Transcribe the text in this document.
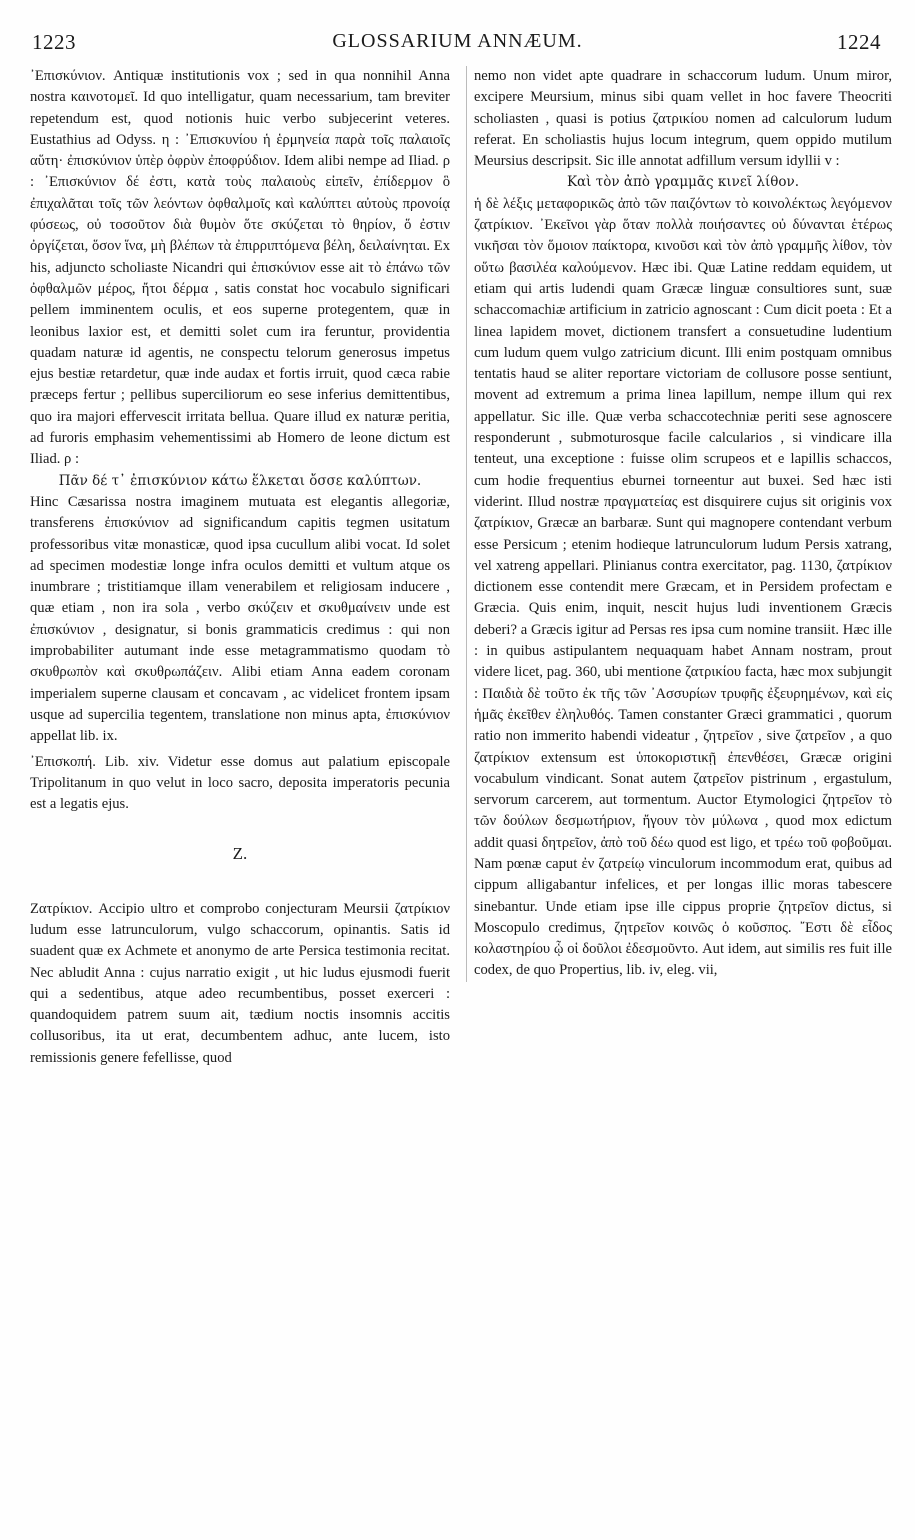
1223	GLOSSARIUM ANNÆUM.	1224

᾿Επισκύνιον. Antiquæ institutionis vox ; sed in qua nonnihil Anna nostra καινοτομεῖ. Id quo intelligatur, quam necessarium, tam breviter repetendum est, quod notionis huic verbo subjecerint veteres. Eustathius ad Odyss. η : ᾿Επισκυνίου ἡ ἑρμηνεία παρὰ τοῖς παλαιοῖς αὕτη· ἐπισκύνιον ὑπὲρ ὀφρὺν ἐποφρύδιον. Idem alibi nempe ad Iliad. ρ : ᾿Επισκύνιον δέ ἐστι, κατὰ τοὺς παλαιοὺς εἰπεῖν, ἐπίδερμον ὃ ἐπιχαλᾶται τοῖς τῶν λεόντων ὀφθαλμοῖς καὶ καλύπτει αὐτοὺς προνοίᾳ φύσεως, οὐ τοσοῦτον διὰ θυμὸν ὅτε σκύζεται τὸ θηρίον, ὅ ἐστιν ὀργίζεται, ὅσον ἵνα, μὴ βλέπων τὰ ἐπιρριπτόμενα βέλη, δειλαίνηται. Ex his, adjuncto scholiaste Nicandri qui ἐπισκύνιον esse ait τὸ ἐπάνω τῶν ὀφθαλμῶν μέρος, ἤτοι δέρμα , satis constat hoc vocabulo significari pellem imminentem oculis, et eos superne protegentem, quæ in leonibus laxior est, et demitti solet cum ira feruntur, providentia quadam naturæ id agentis, ne conspectu telorum generosus impetus ejus bestiæ retardetur, quæ inde audax et fortis irruit, quod cæca rabie præceps fertur ; pellibus superciliorum eo sese inferius demittentibus, quo ira majori effervescit irritata bellua. Quare illud ex naturæ peritia, ad furoris emphasim vehementissimi ab Homero de leone dictum est Iliad. ρ :

Πᾶν δέ τ᾿ ἐπισκύνιον κάτω ἕλκεται ὄσσε καλύπτων.

Hinc Cæsarissa nostra imaginem mutuata est elegantis allegoriæ, transferens ἐπισκύνιον ad significandum capitis tegmen usitatum professoribus vitæ monasticæ, quod ipsa cucullum alibi vocat. Id solet ad specimen modestiæ longe infra oculos demitti et vultum atque os inumbrare ; tristitiamque illam venerabilem et religiosam inducere , quæ etiam , non ira sola , verbo σκύζειν et σκυθμαίνειν unde est ἐπισκύνιον , designatur, si bonis grammaticis credimus : qui non improbabiliter autumant inde esse metagrammatismo quodam τὸ σκυθρωπὸν καὶ σκυθρωπάζειν. Alibi etiam Anna eadem coronam imperialem superne clausam et concavam , ac videlicet frontem ipsam usque ad supercilia tegentem, translatione non minus apta, ἐπισκύνιον appellat lib. ix.

᾿Επισκοπή. Lib. xiv. Videtur esse domus aut palatium episcopale Tripolitanum in quo velut in loco sacro, deposita imperatoris pecunia est a legatis ejus.

Ζ.

Ζατρίκιον. Accipio ultro et comprobo conjecturam Meursii ζατρίκιον ludum esse latrunculorum, vulgo schaccorum, opinantis. Satis id suadent quæ ex Achmete et anonymo de arte Persica testimonia recitat. Nec abludit Anna : cujus narratio exigit , ut hic ludus ejusmodi fuerit qui a sedentibus, atque adeo recumbentibus, posset exerceri : quandoquidem patrem suum ait, tædium noctis insomnis accitis collusoribus, ita ut erat, decumbentem adhuc, ante lucem, isto remissionis genere fefellisse, quod

nemo non videt apte quadrare in schaccorum ludum. Unum miror, excipere Meursium, minus sibi quam vellet in hoc favere Theocriti scholiasten , quasi is potius ζατρικίου nomen ad calculorum ludum referat. En scholiastis hujus locum integrum, quem oppido mutilum Meursius descripsit. Sic ille annotat adfillum versum idyllii v :

Καὶ τὸν ἀπὸ γραμμᾶς κινεῖ λίθον.

ἡ δὲ λέξις μεταφορικῶς ἀπὸ τῶν παιζόντων τὸ κοινολέκτως λεγόμενον ζατρίκιον. ᾿Εκεῖνοι γὰρ ὅταν πολλὰ ποιήσαντες οὐ δύνανται ἑτέρως νικῆσαι τὸν ὅμοιον παίκτορα, κινοῦσι καὶ τὸν ἀπὸ γραμμῆς λίθον, τὸν οὕτω βασιλέα καλούμενον. Hæc ibi. Quæ Latine reddam equidem, ut etiam qui artis ludendi quam Græcæ linguæ consultiores sunt, suæ schaccomachiæ artificium in zatricio agnoscant : Cum dicit poeta : Et a linea lapidem movet, dictionem transfert a consuetudine ludentium cum ludum quem vulgo zatricium dicunt. Illi enim postquam omnibus tentatis haud se aliter reportare victoriam de collusore posse sentiunt, movent ad extremum a prima linea lapillum, nempe illum qui rex appellatur. Sic ille. Quæ verba schaccotechniæ periti sese agnoscere responderunt , submoturosque facile calcularios , si vindicare illa tenteut, una exceptione : fuisse olim scrupeos et e lapillis schaccos, cum hodie frequentius eburnei torneentur aut buxei. Sed hæc isti viderint. Illud nostræ πραγματείας est disquirere cujus sit originis vox ζατρίκιον, Græcæ an barbaræ. Sunt qui magnopere contendant verbum esse Persicum ; etenim hodieque latrunculorum ludum Persis xatrang, vel xatreng appellari. Plinianus contra exercitator, pag. 1130, ζατρίκιον dictionem esse contendit mere Græcam, et in Persidem profectam e Græcia. Quis enim, inquit, nescit hujus ludi inventionem Græcis deberi? a Græcis igitur ad Persas res ipsa cum nomine transiit. Hæc ille : in quibus astipulantem nequaquam habet Annam nostram, prout videre licet, pag. 360, ubi mentione ζατρικίου facta, hæc mox subjungit : Παιδιὰ δὲ τοῦτο ἐκ τῆς τῶν ᾿Ασσυρίων τρυφῆς ἐξευρημένων, καὶ εἰς ἡμᾶς ἐκεῖθεν ἐληλυθός. Tamen constanter Græci grammatici , quorum ratio non immerito habendi videatur , ζητρεῖον , sive ζατρεῖον , a quo ζατρίκιον extensum est ὑποκοριστικῇ ἐπενθέσει, Græcæ origini vocabulum vindicant. Sonat autem ζατρεῖον pistrinum , ergastulum, servorum carcerem, aut tormentum. Auctor Etymologici ζητρεῖον τὸ τῶν δούλων δεσμωτήριον, ἤγουν τὸν μύλωνα , quod mox edictum addit quasi δητρεῖον, ἀπὸ τοῦ δέω quod est ligo, et τρέω τοῦ φοβοῦμαι. Nam pœnæ caput ἐν ζατρείῳ vinculorum incommodum erat, quibus ad cippum alligabantur infelices, et per longas illic moras tabescere sinebantur. Unde etiam ipse ille cippus proprie ζητρεῖον dictus, si Moscopulo credimus, ζητρεῖον κοινῶς ὁ κοῦσπος. ῎Εστι δὲ εἶδος κολαστηρίου ᾧ οἱ δοῦλοι ἐδεσμοῦντο. Aut idem, aut similis res fuit ille codex, de quo Propertius, lib. iv, eleg. vii,
